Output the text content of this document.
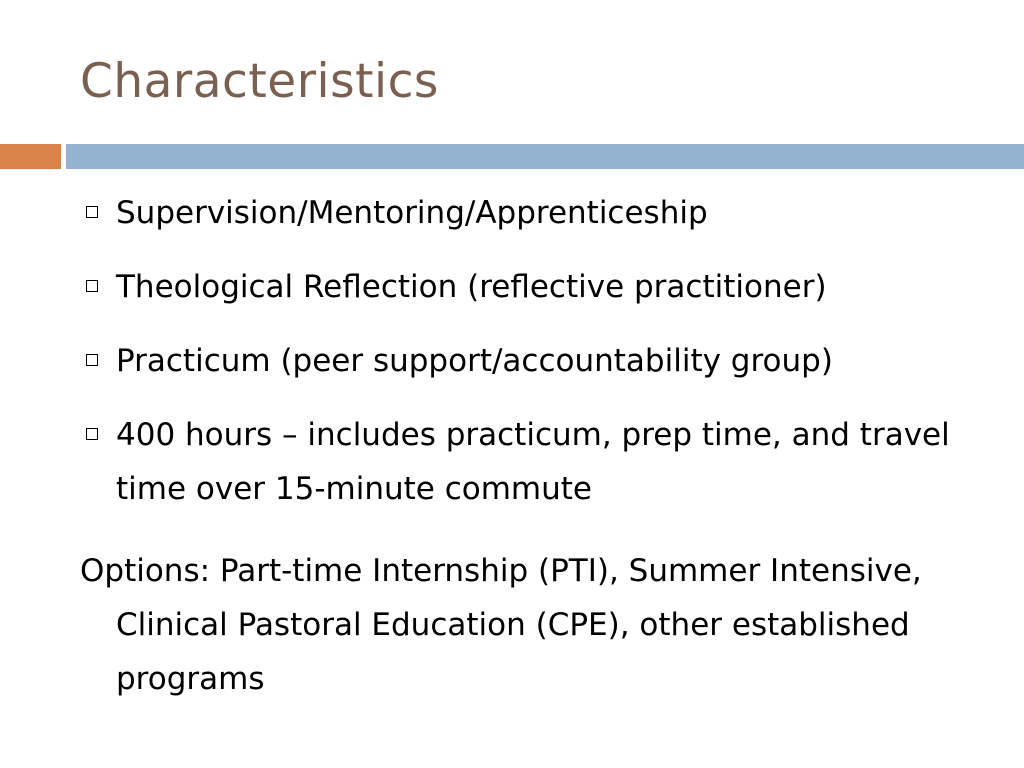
Characteristics
Supervision/Mentoring/Apprenticeship
Theological Reflection (reflective practitioner)
Practicum (peer support/accountability group)
400 hours – includes practicum, prep time, and travel time over 15-minute commute

Options: Part-time Internship (PTI), Summer Intensive, Clinical Pastoral Education (CPE), other established programs
